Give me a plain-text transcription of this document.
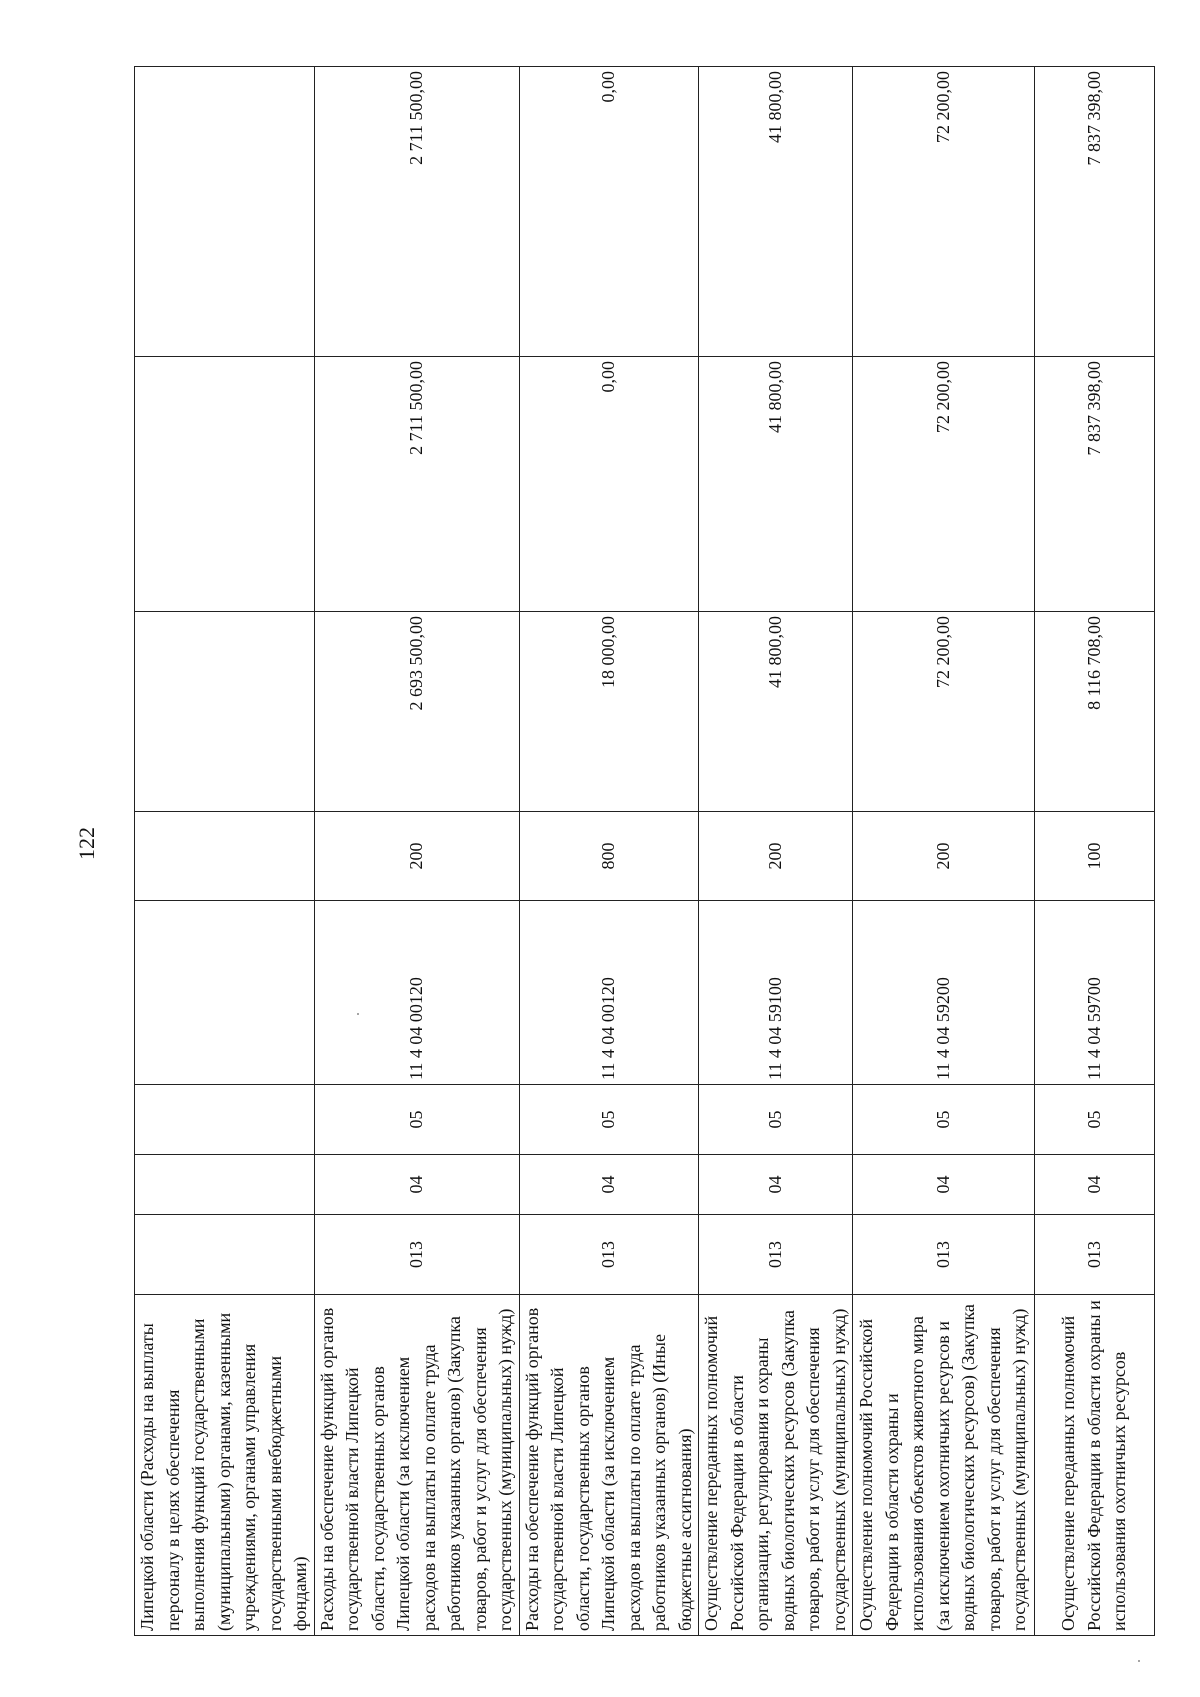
122
Липецкой области (Расходы на выплаты персоналу в целях обеспечения выполнения функций государственными (муниципальными) органами, казенными учреждениями, органами управления государственными внебюджетными фондами)								
Расходы на обеспечение функций органов государственной власти Липецкой области, государственных органов Липецкой области (за исключением расходов на выплаты по оплате труда работников указанных органов) (Закупка товаров, работ и услуг для обеспечения государственных (муниципальных) нужд)	013	04	05	11 4 04 00120	200	2 693 500,00	2 711 500,00	2 711 500,00
Расходы на обеспечение функций органов государственной власти Липецкой области, государственных органов Липецкой области (за исключением расходов на выплаты по оплате труда работников указанных органов) (Иные бюджетные ассигнования)	013	04	05	11 4 04 00120	800	18 000,00	0,00	0,00
Осуществление переданных полномочий Российской Федерации в области организации, регулирования и охраны водных биологических ресурсов (Закупка товаров, работ и услуг для обеспечения государственных (муниципальных) нужд)	013	04	05	11 4 04 59100	200	41 800,00	41 800,00	41 800,00
Осуществление полномочий Российской Федерации в области охраны и использования объектов животного мира (за исключением охотничьих ресурсов и водных биологических ресурсов) (Закупка товаров, работ и услуг для обеспечения государственных (муниципальных) нужд)	013	04	05	11 4 04 59200	200	72 200,00	72 200,00	72 200,00
Осуществление переданных полномочий Российской Федерации в области охраны и использования охотничьих ресурсов	013	04	05	11 4 04 59700	100	8 116 708,00	7 837 398,00	7 837 398,00
